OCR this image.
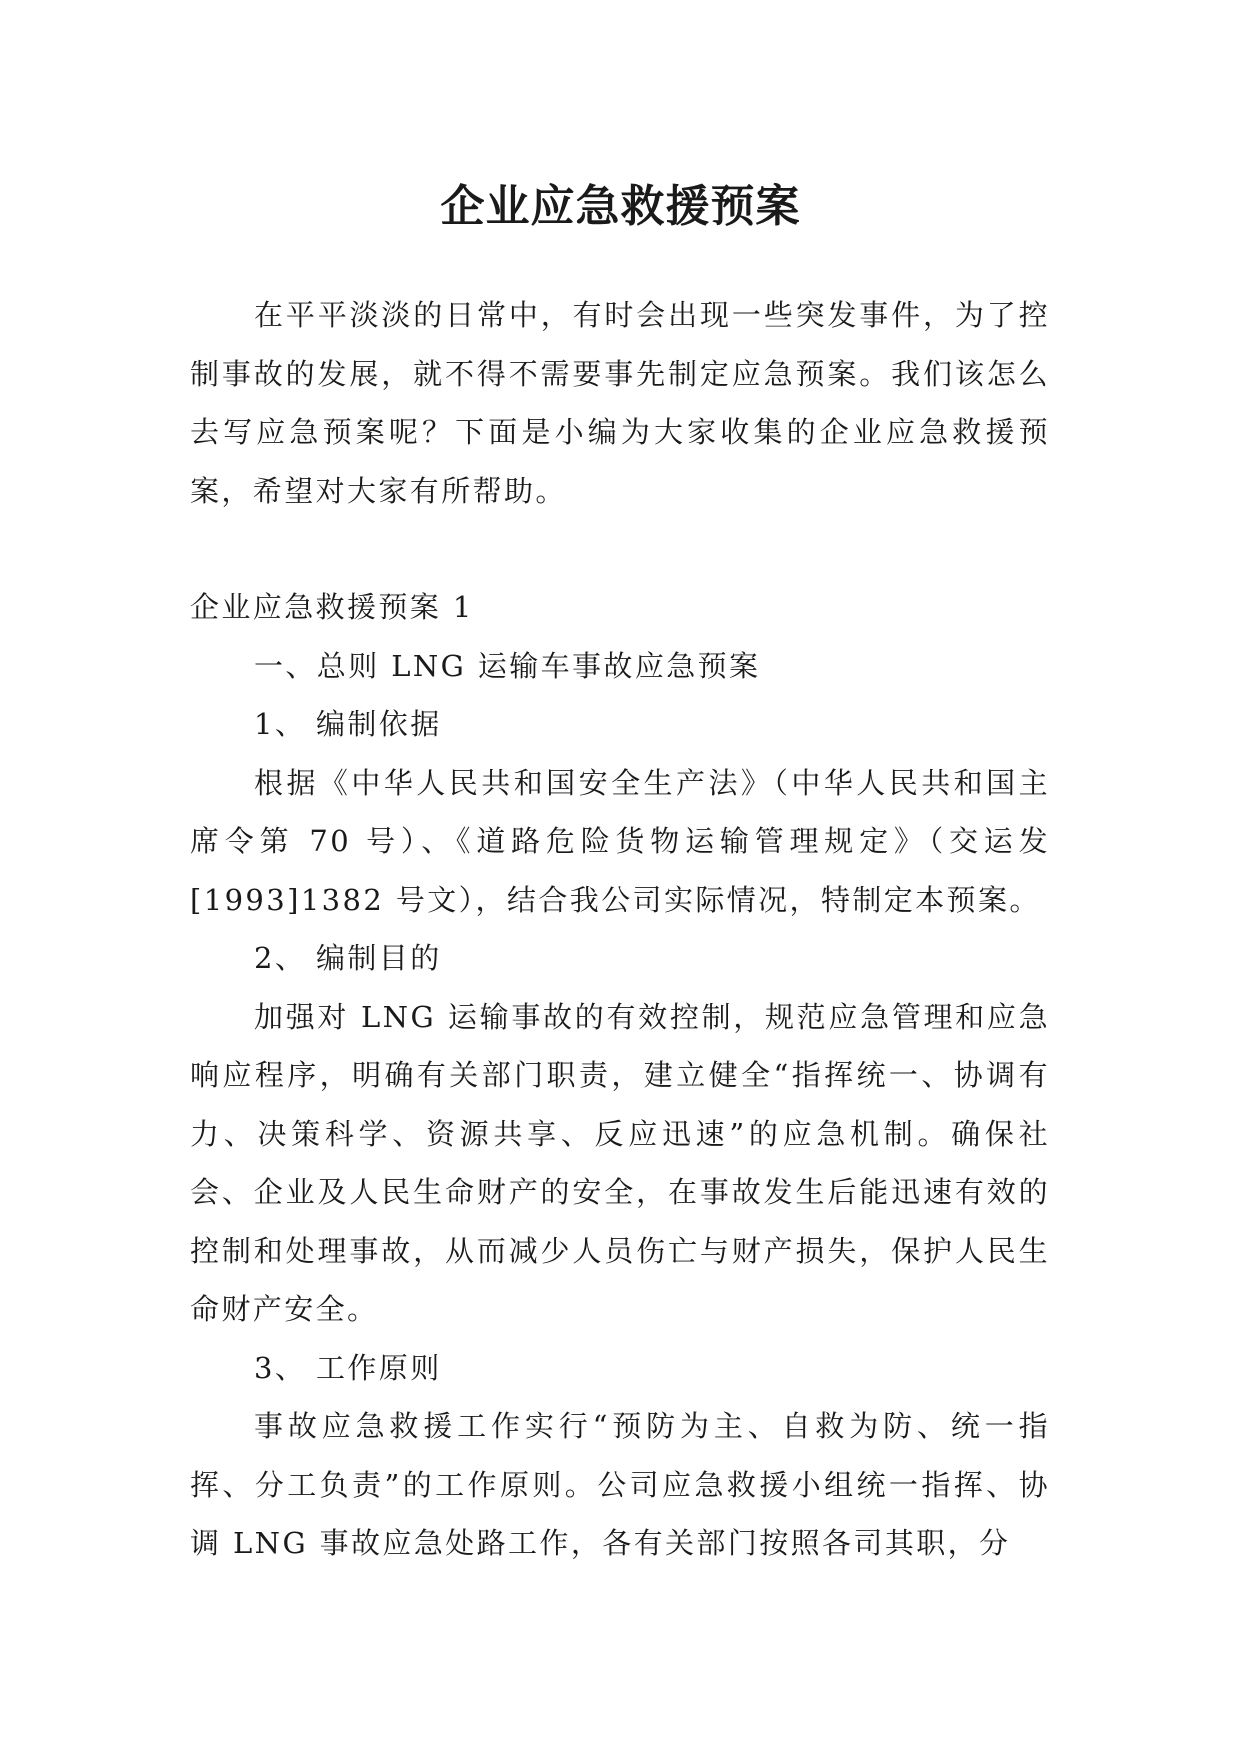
企业应急救援预案

在平平淡淡的日常中，有时会出现一些突发事件，为了控制事故的发展，就不得不需要事先制定应急预案。我们该怎么去写应急预案呢？下面是小编为大家收集的企业应急救援预案，希望对大家有所帮助。

企业应急救援预案 1

一、总则 LNG 运输车事故应急预案

1、 编制依据

根据《中华人民共和国安全生产法》（中华人民共和国主席令第 70 号）、《道路危险货物运输管理规定》（交运发[1993]1382 号文），结合我公司实际情况，特制定本预案。

2、 编制目的

加强对 LNG 运输事故的有效控制，规范应急管理和应急响应程序，明确有关部门职责，建立健全“指挥统一、协调有力、决策科学、资源共享、反应迅速”的应急机制。确保社会、企业及人民生命财产的安全，在事故发生后能迅速有效的控制和处理事故，从而减少人员伤亡与财产损失，保护人民生命财产安全。

3、 工作原则

事故应急救援工作实行“预防为主、自救为防、统一指挥、分工负责”的工作原则。公司应急救援小组统一指挥、协调 LNG 事故应急处路工作，各有关部门按照各司其职，分
